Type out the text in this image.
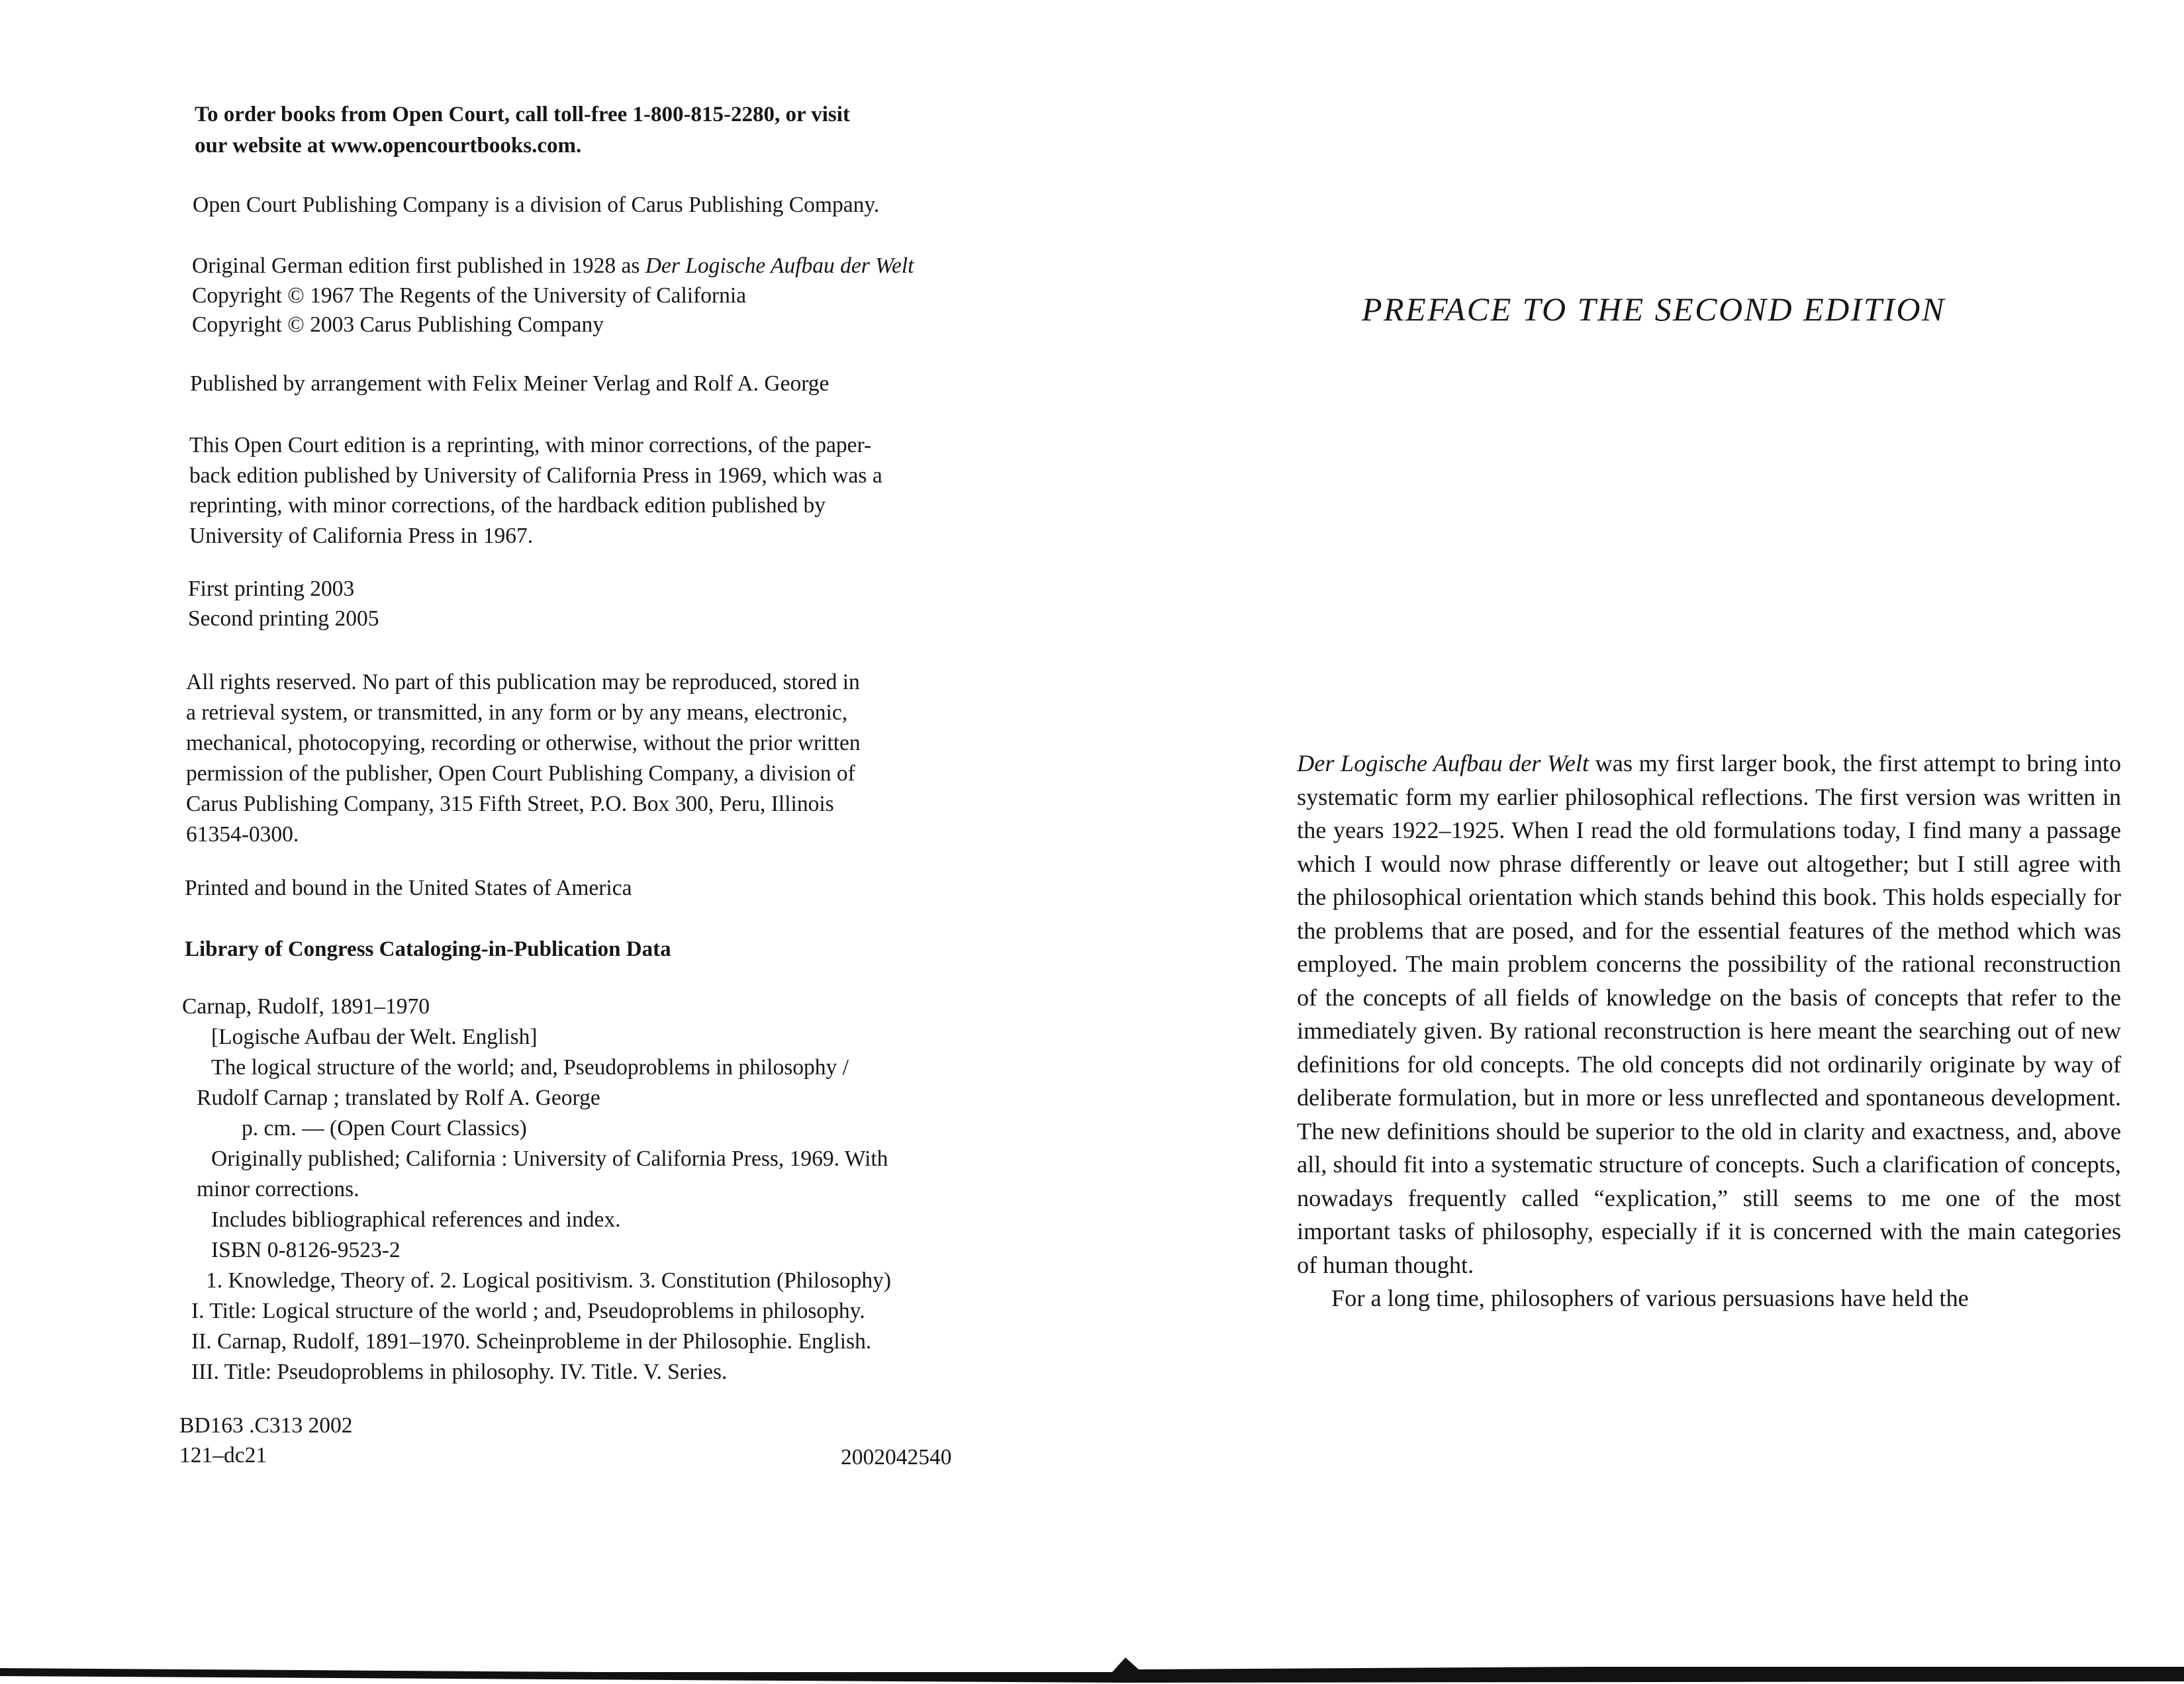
To order books from Open Court, call toll-free 1-800-815-2280, or visit
our website at www.opencourtbooks.com.
Open Court Publishing Company is a division of Carus Publishing Company.
Original German edition first published in 1928 as Der Logische Aufbau der Welt
Copyright © 1967 The Regents of the University of California
Copyright © 2003 Carus Publishing Company
Published by arrangement with Felix Meiner Verlag and Rolf A. George
This Open Court edition is a reprinting, with minor corrections, of the paper-
back edition published by University of California Press in 1969, which was a
reprinting, with minor corrections, of the hardback edition published by
University of California Press in 1967.
First printing 2003
Second printing 2005
All rights reserved. No part of this publication may be reproduced, stored in
a retrieval system, or transmitted, in any form or by any means, electronic,
mechanical, photocopying, recording or otherwise, without the prior written
permission of the publisher, Open Court Publishing Company, a division of
Carus Publishing Company, 315 Fifth Street, P.O. Box 300, Peru, Illinois
61354-0300.
Printed and bound in the United States of America
Library of Congress Cataloging-in-Publication Data
Carnap, Rudolf, 1891–1970
[Logische Aufbau der Welt. English]
The logical structure of the world; and, Pseudoproblems in philosophy /
Rudolf Carnap ; translated by Rolf A. George
p. cm. — (Open Court Classics)
Originally published; California : University of California Press, 1969. With
minor corrections.
Includes bibliographical references and index.
ISBN 0-8126-9523-2
1. Knowledge, Theory of. 2. Logical positivism. 3. Constitution (Philosophy)
I. Title: Logical structure of the world ; and, Pseudoproblems in philosophy.
II. Carnap, Rudolf, 1891–1970. Scheinprobleme in der Philosophie. English.
III. Title: Pseudoproblems in philosophy. IV. Title. V. Series.
BD163 .C313 2002
121–dc21	2002042540
PREFACE TO THE SECOND EDITION

Der Logische Aufbau der Welt was my first larger book, the first attempt to bring into systematic form my earlier philosophical reflections. The first version was written in the years 1922–1925. When I read the old formulations today, I find many a passage which I would now phrase differently or leave out altogether; but I still agree with the philosophical orientation which stands behind this book. This holds especially for the problems that are posed, and for the essential features of the method which was employed. The main problem concerns the possibility of the rational reconstruction of the concepts of all fields of knowledge on the basis of concepts that refer to the immediately given. By rational reconstruction is here meant the searching out of new definitions for old concepts. The old concepts did not ordinarily originate by way of deliberate formulation, but in more or less unreflected and spontaneous development. The new definitions should be superior to the old in clarity and exactness, and, above all, should fit into a systematic structure of concepts. Such a clarification of concepts, nowadays frequently called “explication,” still seems to me one of the most important tasks of philosophy, especially if it is concerned with the main categories of human thought.

For a long time, philosophers of various persuasions have held the
